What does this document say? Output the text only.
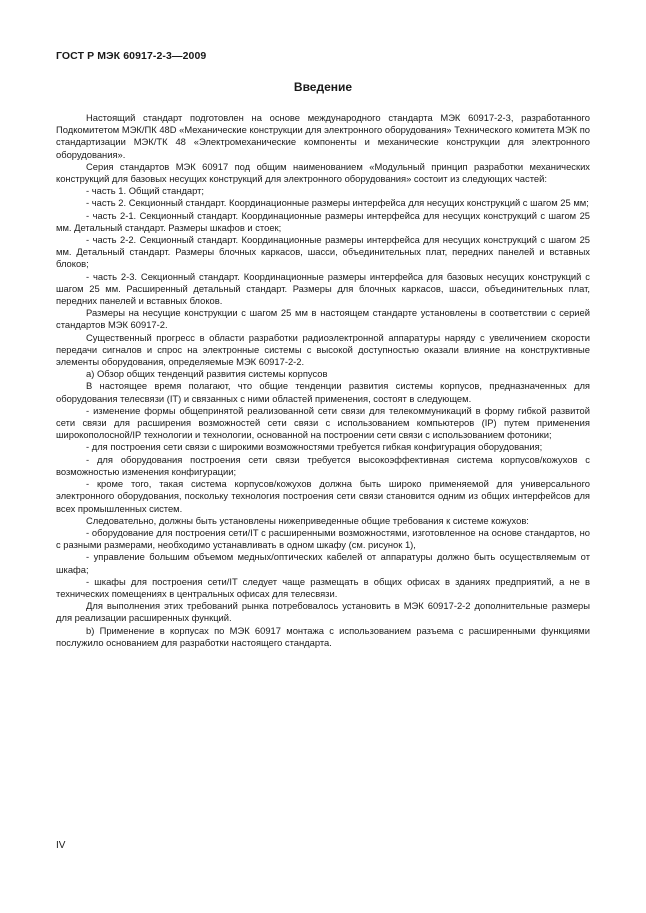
ГОСТ Р МЭК 60917-2-3—2009
Введение

Настоящий стандарт подготовлен на основе международного стандарта МЭК 60917-2-3, разработанного Подкомитетом МЭК/ПК 48D «Механические конструкции для электронного оборудования» Технического комитета МЭК по стандартизации МЭК/ТК 48 «Электромеханические компоненты и механические конструкции для электронного оборудования».

Серия стандартов МЭК 60917 под общим наименованием «Модульный принцип разработки механических конструкций для базовых несущих конструкций для электронного оборудования» состоит из следующих частей:

- часть 1. Общий стандарт;

- часть 2. Секционный стандарт. Координационные размеры интерфейса для несущих конструкций с шагом 25 мм;

- часть 2-1. Секционный стандарт. Координационные размеры интерфейса для несущих конструкций с шагом 25 мм. Детальный стандарт. Размеры шкафов и стоек;

- часть 2-2. Секционный стандарт. Координационные размеры интерфейса для несущих конструкций с шагом 25 мм. Детальный стандарт. Размеры блочных каркасов, шасси, объединительных плат, передних панелей и вставных блоков;

- часть 2-3. Секционный стандарт. Координационные размеры интерфейса для базовых несущих конструкций с шагом 25 мм. Расширенный детальный стандарт. Размеры для блочных каркасов, шасси, объединительных плат, передних панелей и вставных блоков.

Размеры на несущие конструкции с шагом 25 мм в настоящем стандарте установлены в соответствии с серией стандартов МЭК 60917-2.

Существенный прогресс в области разработки радиоэлектронной аппаратуры наряду с увеличением скорости передачи сигналов и спрос на электронные системы с высокой доступностью оказали влияние на конструктивные элементы оборудования, определяемые МЭК 60917-2-2.

а) Обзор общих тенденций развития системы корпусов

В настоящее время полагают, что общие тенденции развития системы корпусов, предназначенных для оборудования телесвязи (IT) и связанных с ними областей применения, состоят в следующем.

- изменение формы общепринятой реализованной сети связи для телекоммуникаций в форму гибкой развитой сети связи для расширения возможностей сети связи с использованием компьютеров (IP) путем применения широкополосной/IP технологии и технологии, основанной на построении сети связи с использованием фотоники;

- для построения сети связи с широкими возможностями требуется гибкая конфигурация оборудования;

- для оборудования построения сети связи требуется высокоэффективная система корпусов/кожухов с возможностью изменения конфигурации;

- кроме того, такая система корпусов/кожухов должна быть широко применяемой для универсального электронного оборудования, поскольку технология построения сети связи становится одним из общих интерфейсов для всех промышленных систем.

Следовательно, должны быть установлены нижеприведенные общие требования к системе кожухов:

- оборудование для построения сети/IT с расширенными возможностями, изготовленное на основе стандартов, но с разными размерами, необходимо устанавливать в одном шкафу (см. рисунок 1),

- управление большим объемом медных/оптических кабелей от аппаратуры должно быть осуществляемым от шкафа;

- шкафы для построения сети/IT следует чаще размещать в общих офисах в зданиях предприятий, а не в технических помещениях в центральных офисах для телесвязи.

Для выполнения этих требований рынка потребовалось установить в МЭК 60917-2-2 дополнительные размеры для реализации расширенных функций.

b) Применение в корпусах по МЭК 60917 монтажа с использованием разъема с расширенными функциями послужило основанием для разработки настоящего стандарта.

IV
